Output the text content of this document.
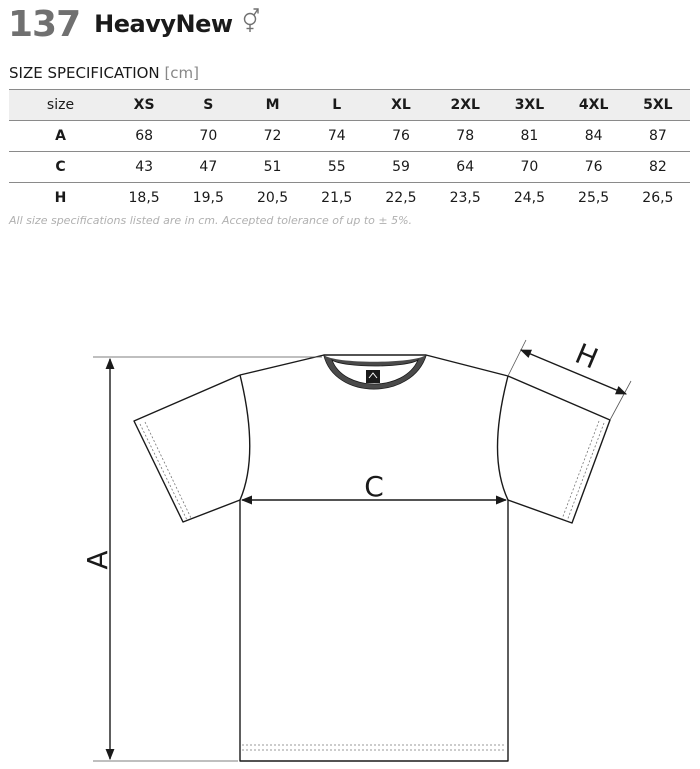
137 HeavyNew
SIZE SPECIFICATION [cm]
size	XS	S	M	L	XL	2XL	3XL	4XL	5XL
A	68	70	72	74	76	78	81	84	87
C	43	47	51	55	59	64	70	76	82
H	18,5	19,5	20,5	21,5	22,5	23,5	24,5	25,5	26,5
All size specifications listed are in cm. Accepted tolerance of up to ± 5%.
A
C
H
